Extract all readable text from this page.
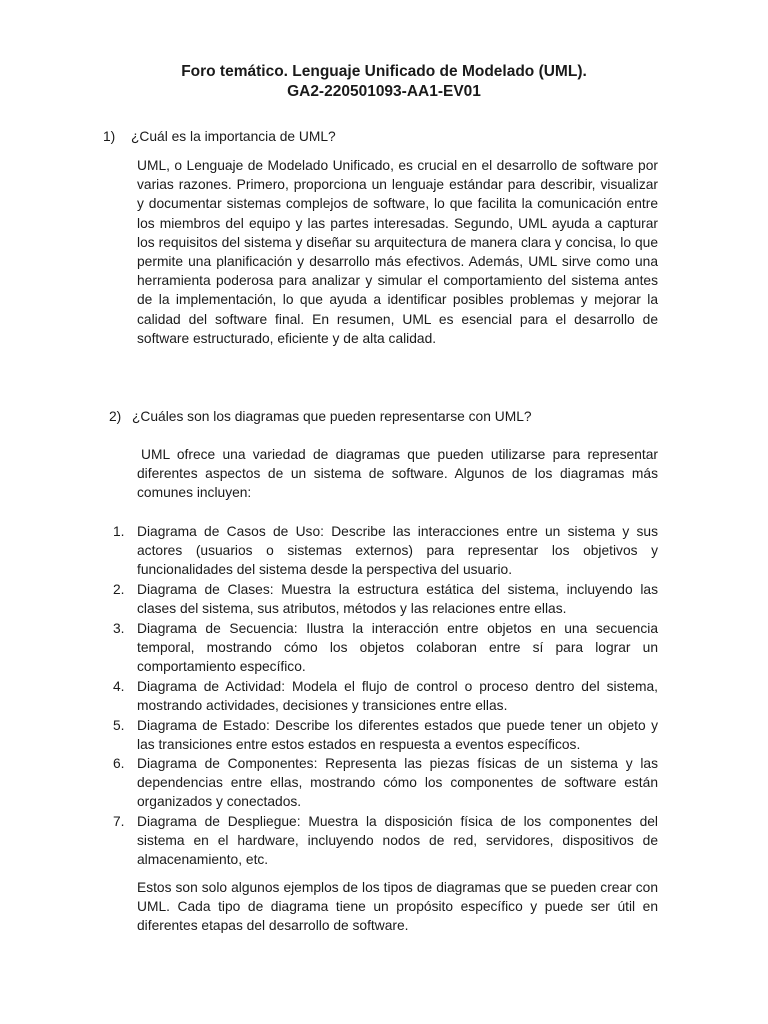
Foro temático. Lenguaje Unificado de Modelado (UML).
GA2-220501093-AA1-EV01
1) ¿Cuál es la importancia de UML?
UML, o Lenguaje de Modelado Unificado, es crucial en el desarrollo de software por varias razones. Primero, proporciona un lenguaje estándar para describir, visualizar y documentar sistemas complejos de software, lo que facilita la comunicación entre los miembros del equipo y las partes interesadas. Segundo, UML ayuda a capturar los requisitos del sistema y diseñar su arquitectura de manera clara y concisa, lo que permite una planificación y desarrollo más efectivos. Además, UML sirve como una herramienta poderosa para analizar y simular el comportamiento del sistema antes de la implementación, lo que ayuda a identificar posibles problemas y mejorar la calidad del software final. En resumen, UML es esencial para el desarrollo de software estructurado, eficiente y de alta calidad.
2) ¿Cuáles son los diagramas que pueden representarse con UML?
UML ofrece una variedad de diagramas que pueden utilizarse para representar diferentes aspectos de un sistema de software. Algunos de los diagramas más comunes incluyen:
1. Diagrama de Casos de Uso: Describe las interacciones entre un sistema y sus actores (usuarios o sistemas externos) para representar los objetivos y funcionalidades del sistema desde la perspectiva del usuario.
2. Diagrama de Clases: Muestra la estructura estática del sistema, incluyendo las clases del sistema, sus atributos, métodos y las relaciones entre ellas.
3. Diagrama de Secuencia: Ilustra la interacción entre objetos en una secuencia temporal, mostrando cómo los objetos colaboran entre sí para lograr un comportamiento específico.
4. Diagrama de Actividad: Modela el flujo de control o proceso dentro del sistema, mostrando actividades, decisiones y transiciones entre ellas.
5. Diagrama de Estado: Describe los diferentes estados que puede tener un objeto y las transiciones entre estos estados en respuesta a eventos específicos.
6. Diagrama de Componentes: Representa las piezas físicas de un sistema y las dependencias entre ellas, mostrando cómo los componentes de software están organizados y conectados.
7. Diagrama de Despliegue: Muestra la disposición física de los componentes del sistema en el hardware, incluyendo nodos de red, servidores, dispositivos de almacenamiento, etc.
Estos son solo algunos ejemplos de los tipos de diagramas que se pueden crear con UML. Cada tipo de diagrama tiene un propósito específico y puede ser útil en diferentes etapas del desarrollo de software.
